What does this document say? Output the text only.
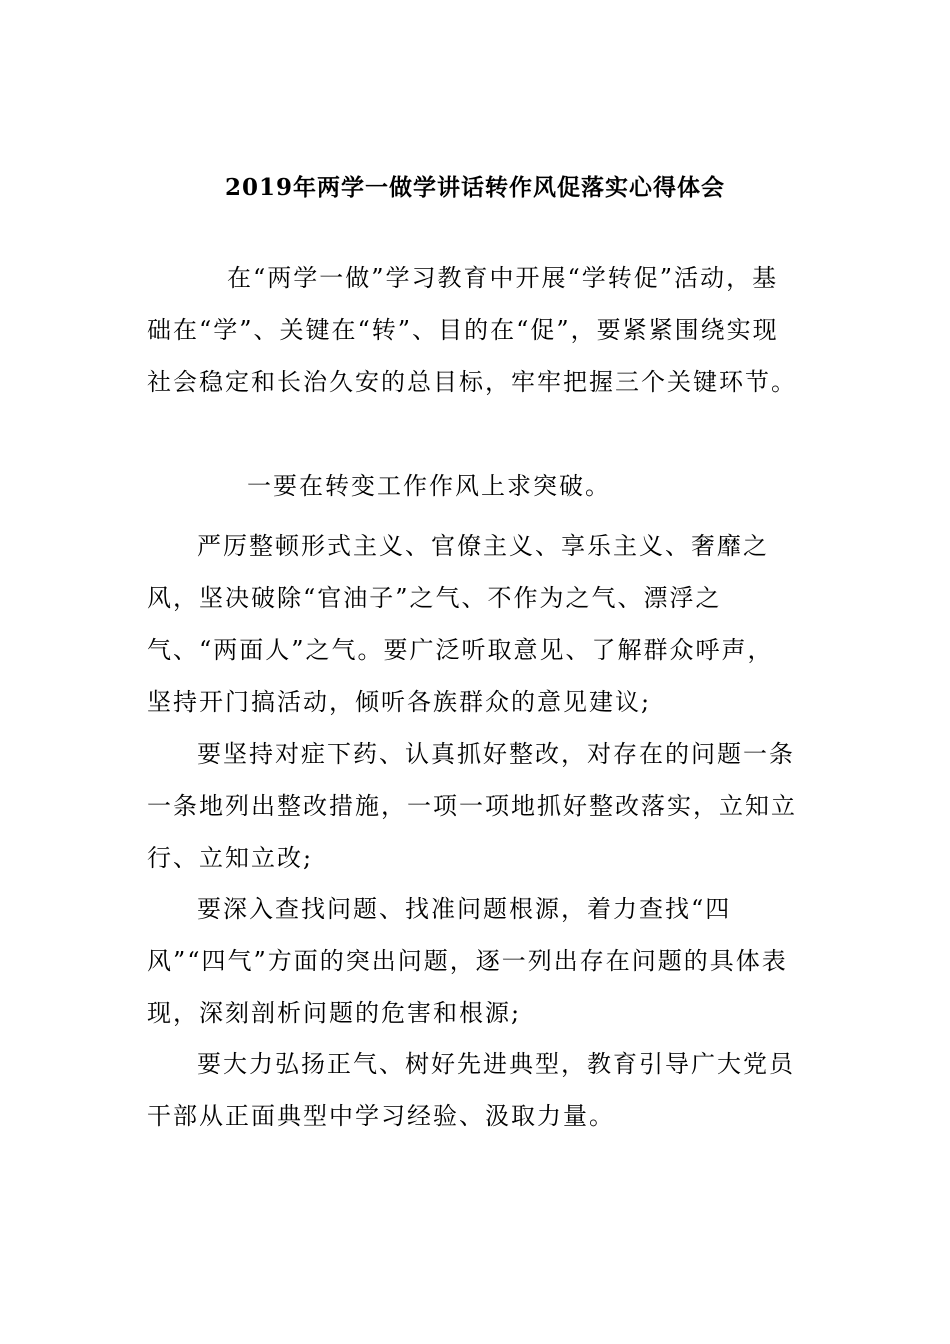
2019年两学一做学讲话转作风促落实心得体会

在“两学一做”学习教育中开展“学转促”活动，基础在“学”、关键在“转”、目的在“促”，要紧紧围绕实现社会稳定和长治久安的总目标，牢牢把握三个关键环节。

一要在转变工作作风上求突破。

严厉整顿形式主义、官僚主义、享乐主义、奢靡之风，坚决破除“官油子”之气、不作为之气、漂浮之气、“两面人”之气。要广泛听取意见、了解群众呼声，坚持开门搞活动，倾听各族群众的意见建议;

要坚持对症下药、认真抓好整改，对存在的问题一条一条地列出整改措施，一项一项地抓好整改落实，立知立行、立知立改;

要深入查找问题、找准问题根源，着力查找“四风”“四气”方面的突出问题，逐一列出存在问题的具体表现，深刻剖析问题的危害和根源;

要大力弘扬正气、树好先进典型，教育引导广大党员干部从正面典型中学习经验、汲取力量。
